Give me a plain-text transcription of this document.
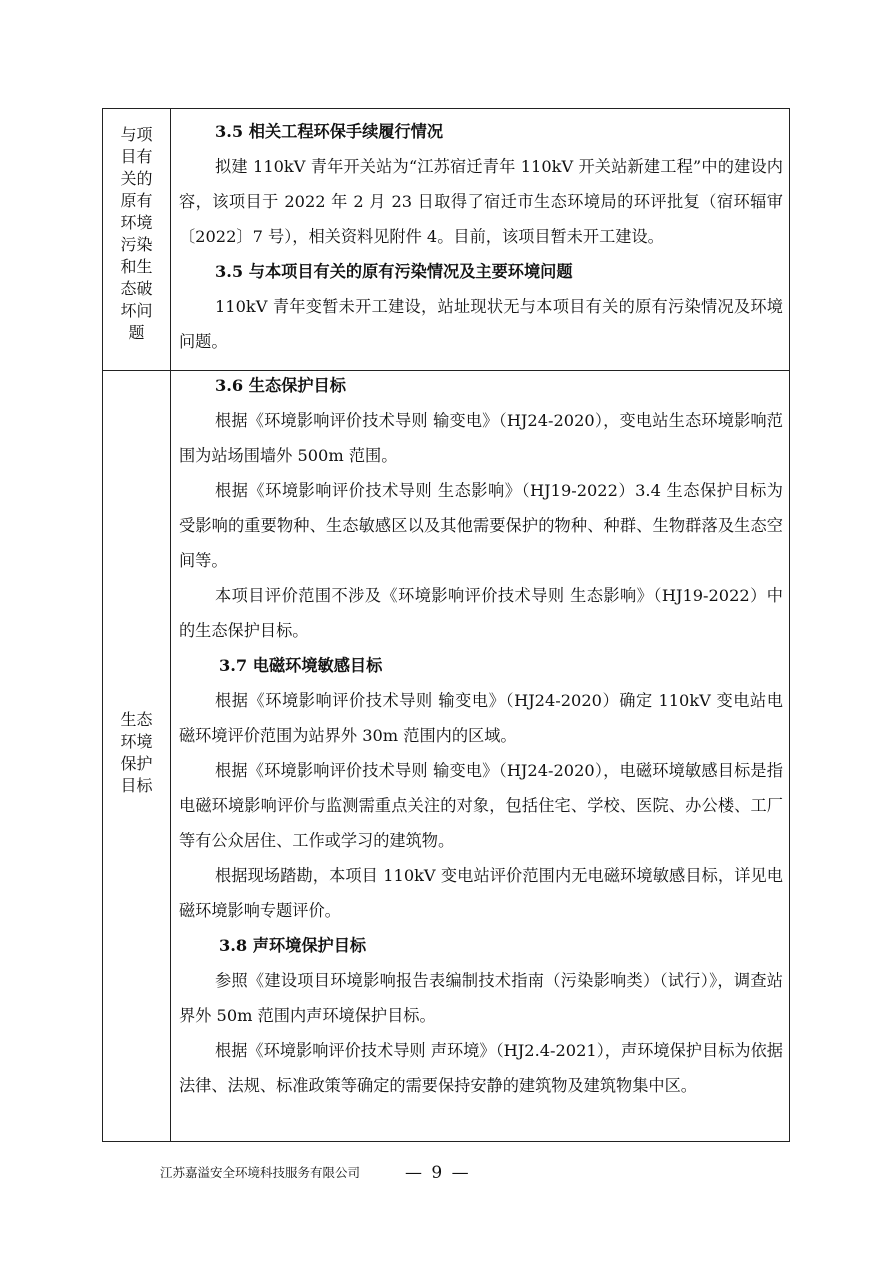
与项
目有
关的
原有
环境
污染
和生
态破
坏问
题
3.5 相关工程环保手续履行情况

拟建 110kV 青年开关站为“江苏宿迁青年 110kV 开关站新建工程”中的建设内容，该项目于 2022 年 2 月 23 日取得了宿迁市生态环境局的环评批复（宿环辐审〔2022〕7 号），相关资料见附件 4。目前，该项目暂未开工建设。

3.5 与本项目有关的原有污染情况及主要环境问题

110kV 青年变暂未开工建设，站址现状无与本项目有关的原有污染情况及环境问题。

生态
环境
保护
目标
3.6 生态保护目标

根据《环境影响评价技术导则 输变电》（HJ24-2020），变电站生态环境影响范围为站场围墙外 500m 范围。

根据《环境影响评价技术导则 生态影响》（HJ19-2022）3.4 生态保护目标为受影响的重要物种、生态敏感区以及其他需要保护的物种、种群、生物群落及生态空间等。

本项目评价范围不涉及《环境影响评价技术导则 生态影响》（HJ19-2022）中的生态保护目标。

3.7 电磁环境敏感目标

根据《环境影响评价技术导则 输变电》（HJ24-2020）确定 110kV 变电站电磁环境评价范围为站界外 30m 范围内的区域。

根据《环境影响评价技术导则 输变电》（HJ24-2020），电磁环境敏感目标是指电磁环境影响评价与监测需重点关注的对象，包括住宅、学校、医院、办公楼、工厂等有公众居住、工作或学习的建筑物。

根据现场踏勘，本项目 110kV 变电站评价范围内无电磁环境敏感目标，详见电磁环境影响专题评价。

3.8 声环境保护目标

参照《建设项目环境影响报告表编制技术指南（污染影响类）（试行）》，调查站界外 50m 范围内声环境保护目标。

根据《环境影响评价技术导则 声环境》（HJ2.4-2021），声环境保护目标为依据法律、法规、标准政策等确定的需要保持安静的建筑物及建筑物集中区。

江苏嘉溢安全环境科技服务有限公司	— 9 —
